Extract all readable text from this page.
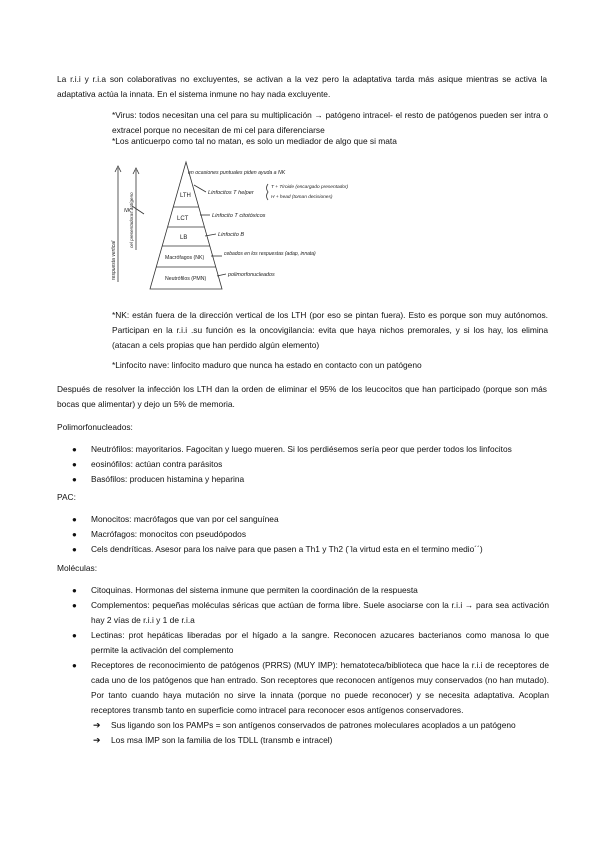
La r.i.i y r.i.a son colaborativas no excluyentes, se activan a la vez pero la adaptativa tarda más asique mientras se activa la adaptativa actúa la innata. En el sistema inmune no hay nada excluyente.

*Virus: todos necesitan una cel para su multiplicación → patógeno intracel- el resto de patógenos pueden ser intra o extracel porque no necesitan de mi cel para diferenciarse

*Los anticuerpo como tal no matan, es solo un mediador de algo que si mata

LTH
LCT
LB
Macrófagos (NK)
Neutrófilos (PMN)
en ocasiones puntuales piden ayuda a NK
Linfocitos T helper
T + Tiroide (encargado presentador)
H + head (toman decisiones)
Linfocito T citotóxicos
Linfocito B
cebados en los respuestas (adap, innata)
polimorfonucleados
respuesta vertical
cel presentadoras antígeno
NK

*NK: están fuera de la dirección vertical de los LTH (por eso se pintan fuera). Esto es porque son muy autónomos. Participan en la r.i.i .su función es la oncovigilancia: evita que haya nichos premorales, y si los hay, los elimina (atacan a cels propias que han perdido algún elemento)

*Linfocito nave: linfocito maduro que nunca ha estado en contacto con un patógeno

Después de resolver la infección los LTH dan la orden de eliminar el 95% de los leucocitos que han participado (porque son más bocas que alimentar) y dejo un 5% de memoria.

Polimorfonucleados:

● Neutrófilos: mayoritarios. Fagocitan y luego mueren. Si los perdiésemos sería peor que perder todos los linfocitos
● eosinófilos: actúan contra parásitos
● Basófilos: producen histamina y heparina

PAC:

● Monocitos: macrófagos que van por cel sanguínea
● Macrófagos: monocitos con pseudópodos
● Cels dendríticas. Asesor para los naive para que pasen a Th1 y Th2 (¨la virtud esta en el termino medio´´)

Moléculas:

● Citoquinas. Hormonas del sistema inmune que permiten la coordinación de la respuesta
● Complementos: pequeñas moléculas séricas que actúan de forma libre. Suele asociarse con la r.i.i → para sea activación hay 2 vías de r.i.i y 1 de r.i.a
● Lectinas: prot hepáticas liberadas por el hígado a la sangre. Reconocen azucares bacterianos como manosa lo que permite la activación del complemento
● Receptores de reconocimiento de patógenos (PRRS) (MUY IMP): hematoteca/biblioteca que hace la r.i.i de receptores de cada uno de los patógenos que han entrado. Son receptores que reconocen antígenos muy conservados (no han mutado). Por tanto cuando haya mutación no sirve la innata (porque no puede reconocer) y se necesita adaptativa. Acoplan receptores transmb tanto en superficie como intracel para reconocer esos antígenos conservadores.
➔ Sus ligando son los PAMPs = son antígenos conservados de patrones moleculares acoplados a un patógeno
➔ Los msa IMP son la familia de los TDLL (transmb e intracel)
